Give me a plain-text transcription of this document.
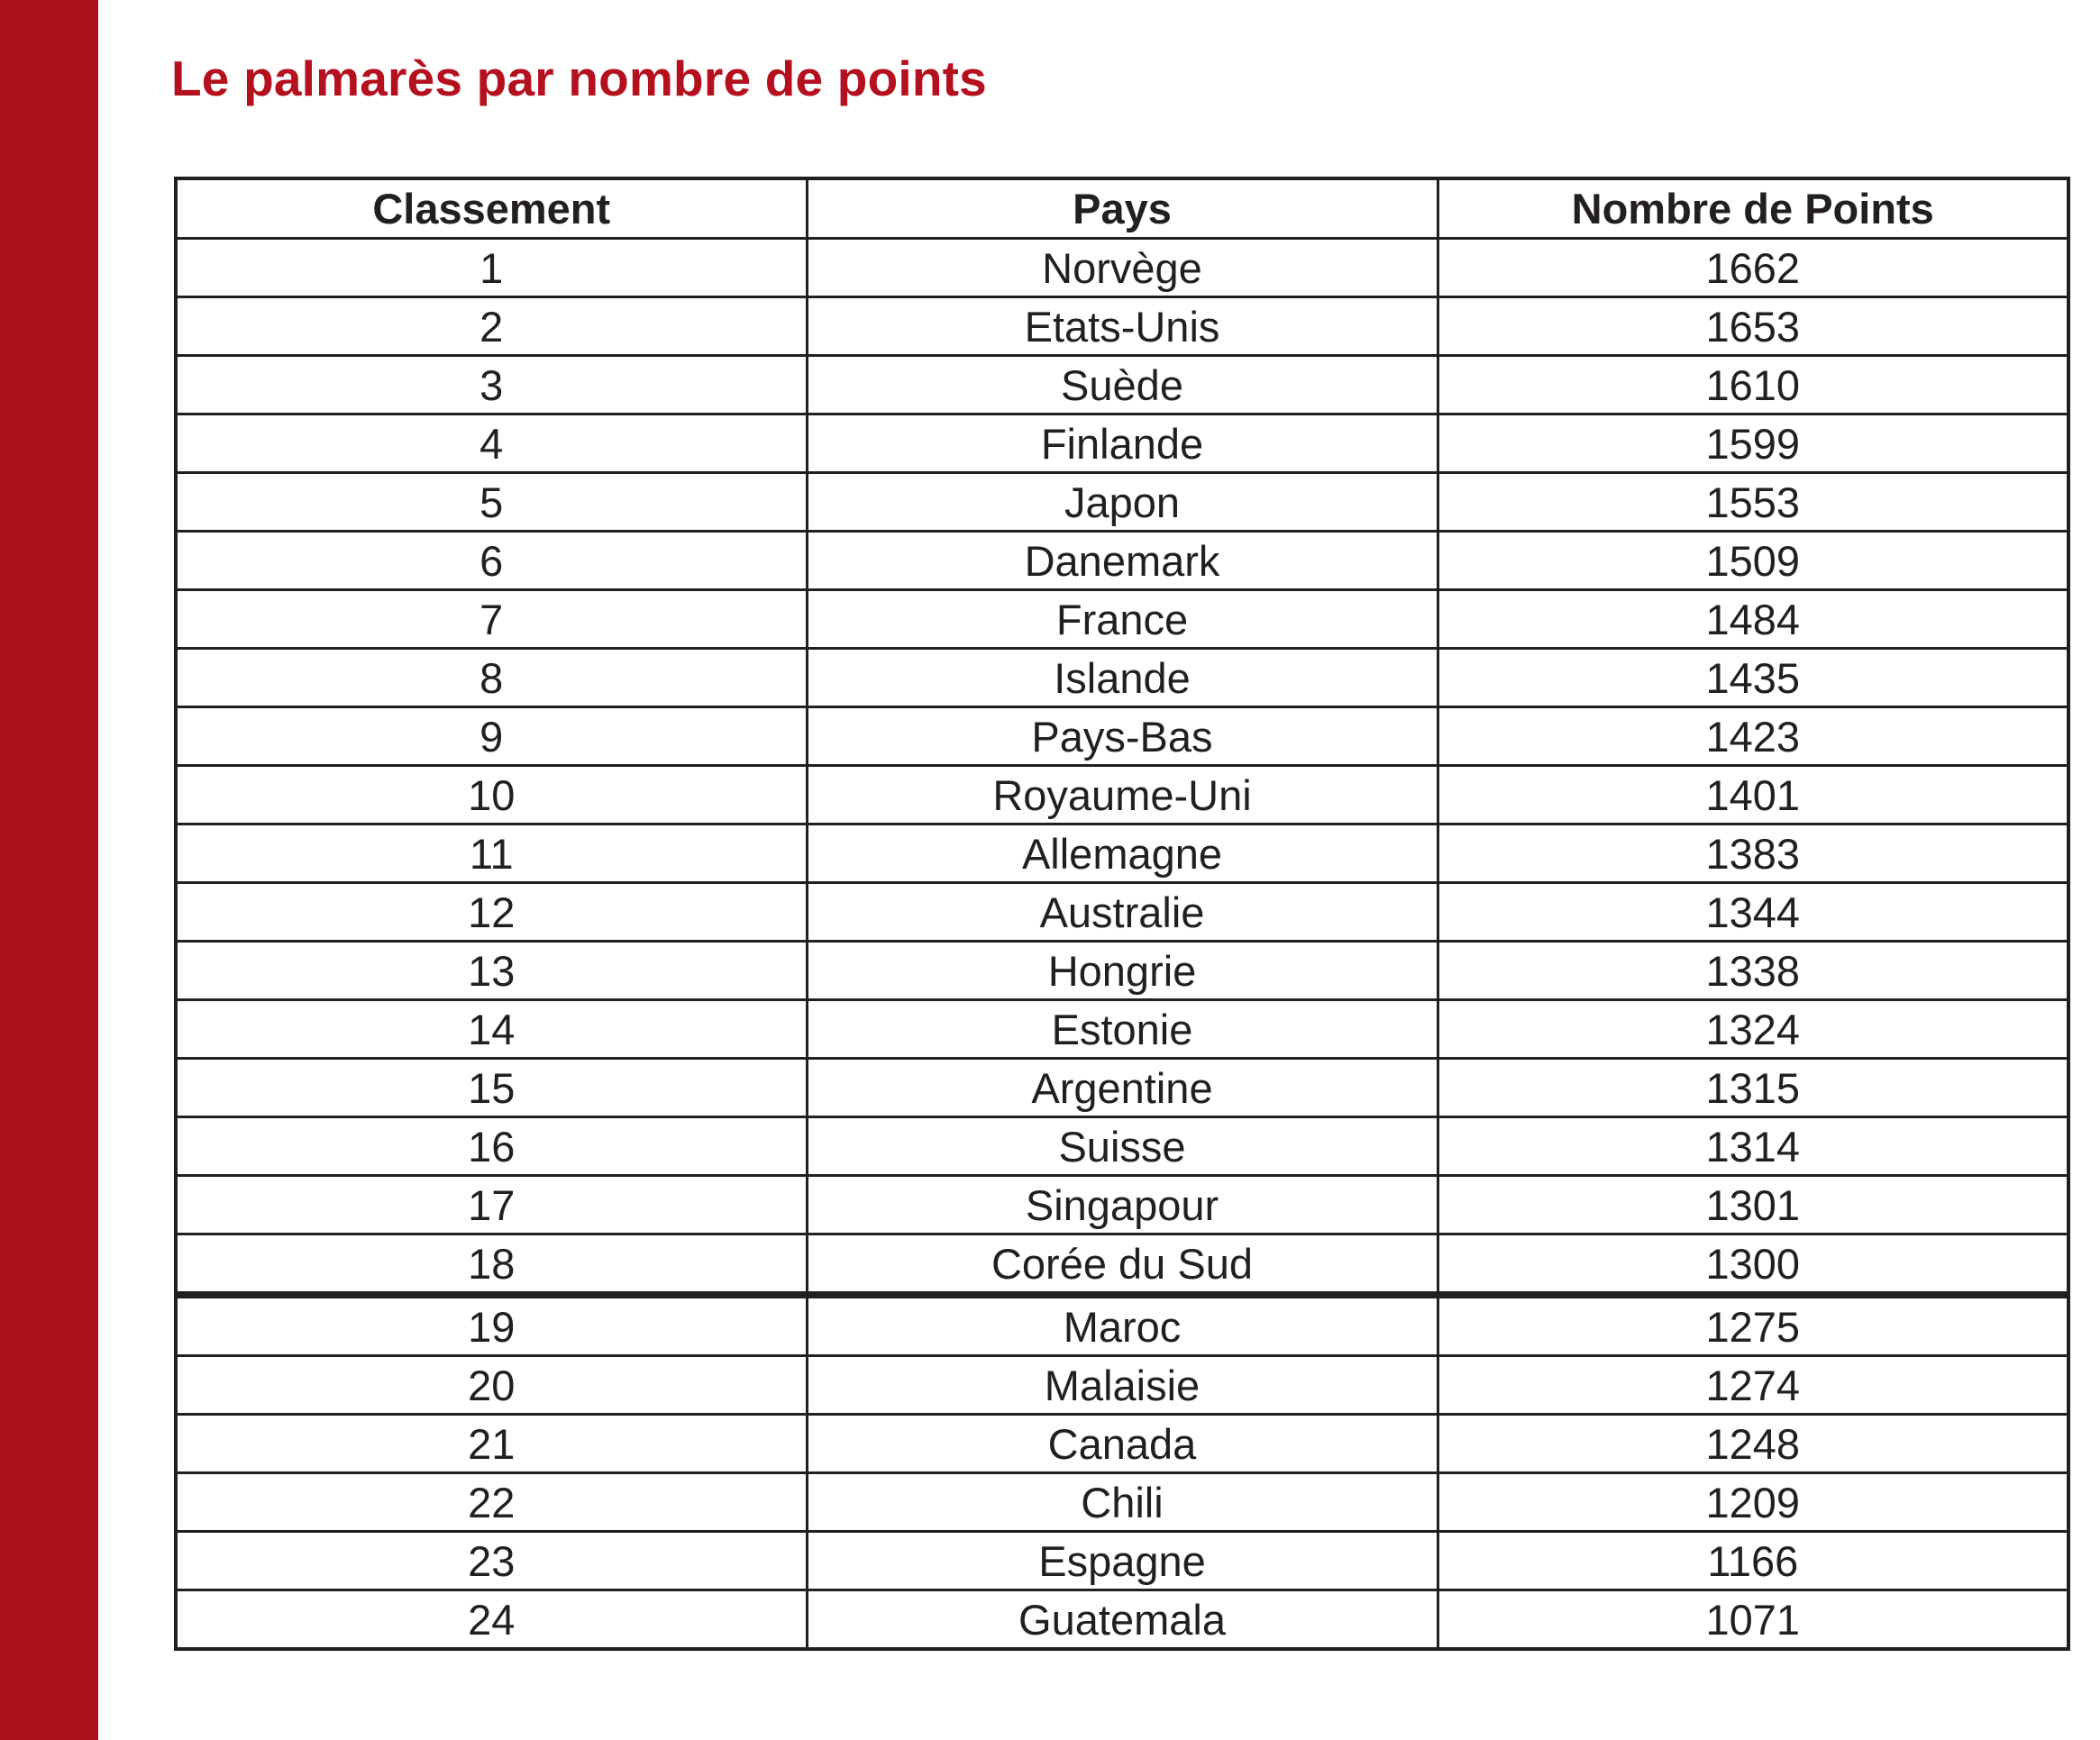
Le palmarès par nombre de points
Classement	Pays	Nombre de Points
1	Norvège	1662
2	Etats-Unis	1653
3	Suède	1610
4	Finlande	1599
5	Japon	1553
6	Danemark	1509
7	France	1484
8	Islande	1435
9	Pays-Bas	1423
10	Royaume-Uni	1401
11	Allemagne	1383
12	Australie	1344
13	Hongrie	1338
14	Estonie	1324
15	Argentine	1315
16	Suisse	1314
17	Singapour	1301
18	Corée du Sud	1300
19	Maroc	1275
20	Malaisie	1274
21	Canada	1248
22	Chili	1209
23	Espagne	1166
24	Guatemala	1071
